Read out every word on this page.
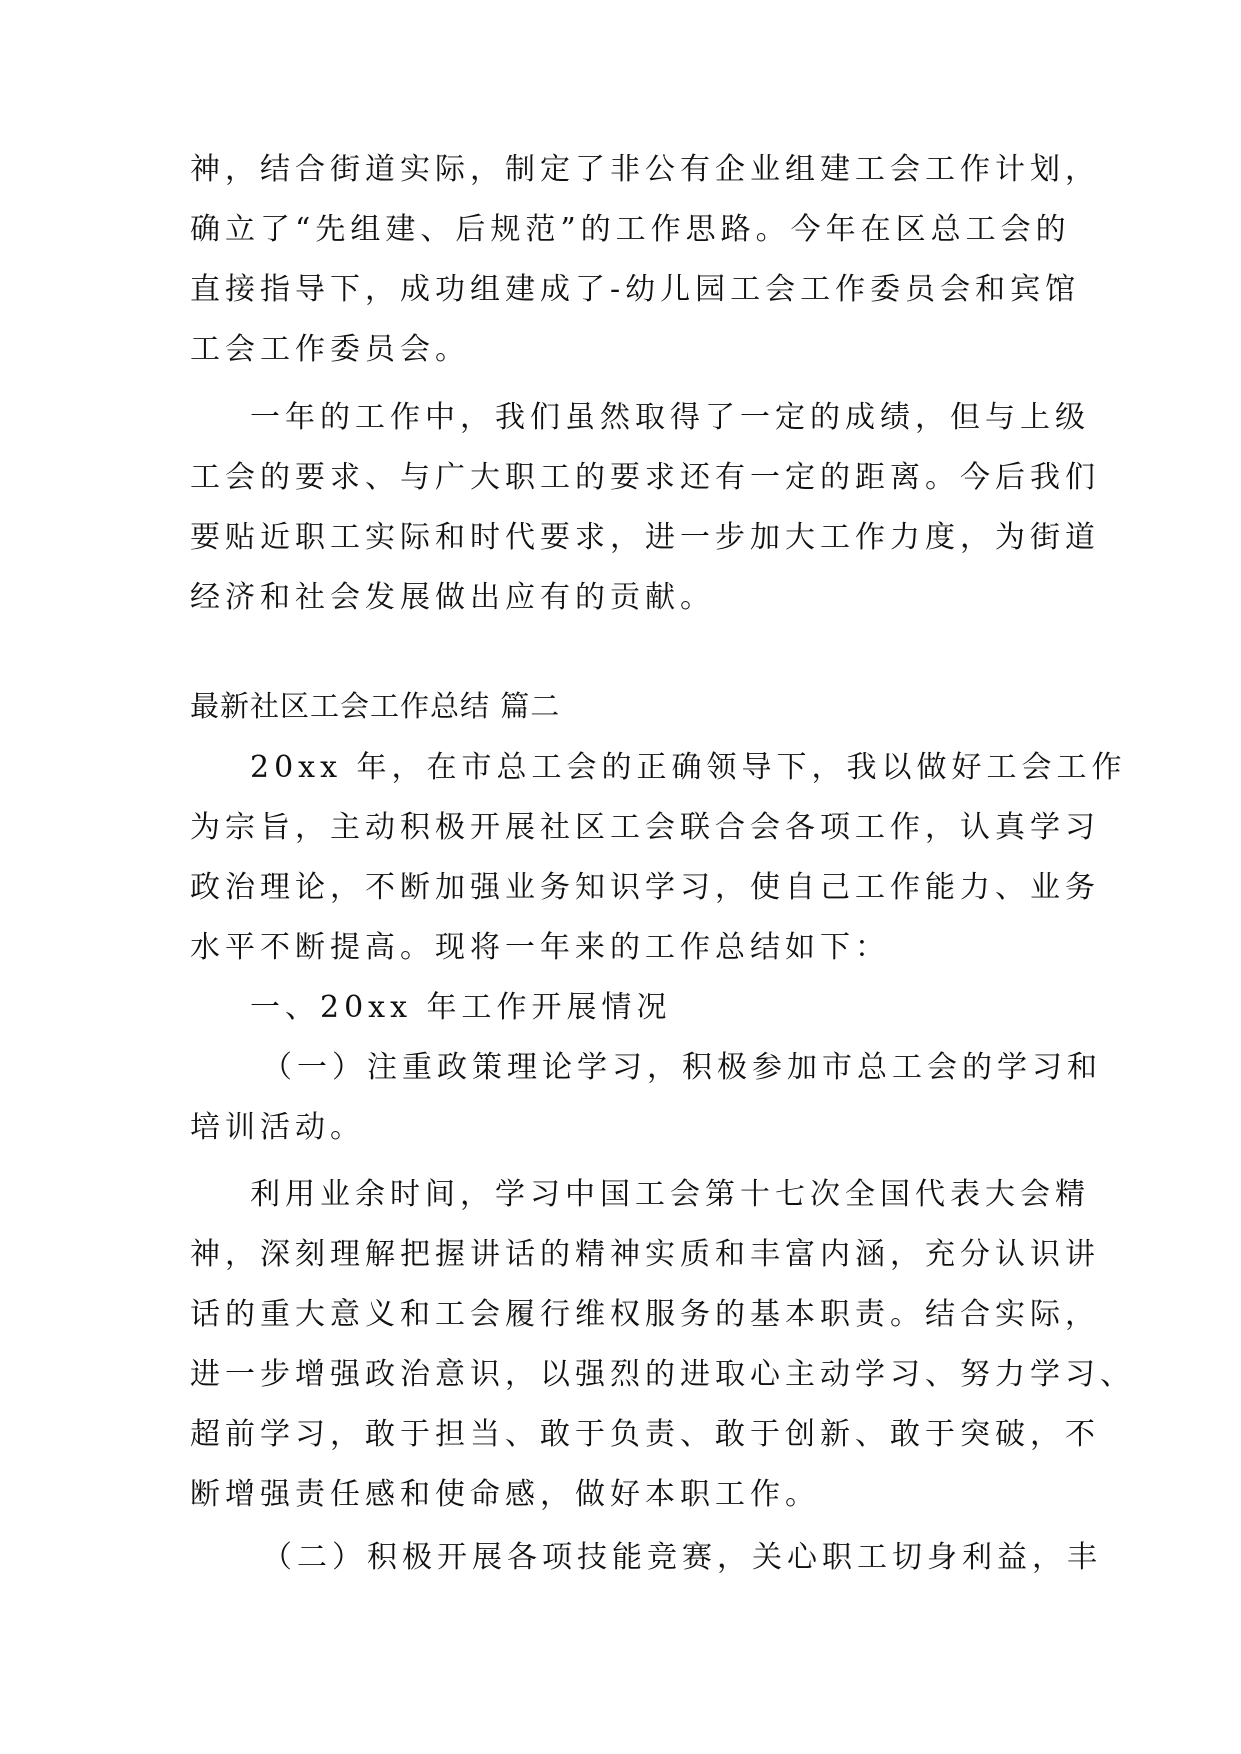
神，结合街道实际，制定了非公有企业组建工会工作计划，

确立了“先组建、后规范”的工作思路。今年在区总工会的

直接指导下，成功组建成了-幼儿园工会工作委员会和宾馆

工会工作委员会。

一年的工作中，我们虽然取得了一定的成绩，但与上级

工会的要求、与广大职工的要求还有一定的距离。今后我们

要贴近职工实际和时代要求，进一步加大工作力度，为街道

经济和社会发展做出应有的贡献。

最新社区工会工作总结 篇二

20xx 年，在市总工会的正确领导下，我以做好工会工作

为宗旨，主动积极开展社区工会联合会各项工作，认真学习

政治理论，不断加强业务知识学习，使自己工作能力、业务

水平不断提高。现将一年来的工作总结如下：

一、20xx 年工作开展情况

（一）注重政策理论学习，积极参加市总工会的学习和

培训活动。

利用业余时间，学习中国工会第十七次全国代表大会精

神，深刻理解把握讲话的精神实质和丰富内涵，充分认识讲

话的重大意义和工会履行维权服务的基本职责。结合实际，

进一步增强政治意识，以强烈的进取心主动学习、努力学习、

超前学习，敢于担当、敢于负责、敢于创新、敢于突破，不

断增强责任感和使命感，做好本职工作。

（二）积极开展各项技能竞赛，关心职工切身利益，丰
